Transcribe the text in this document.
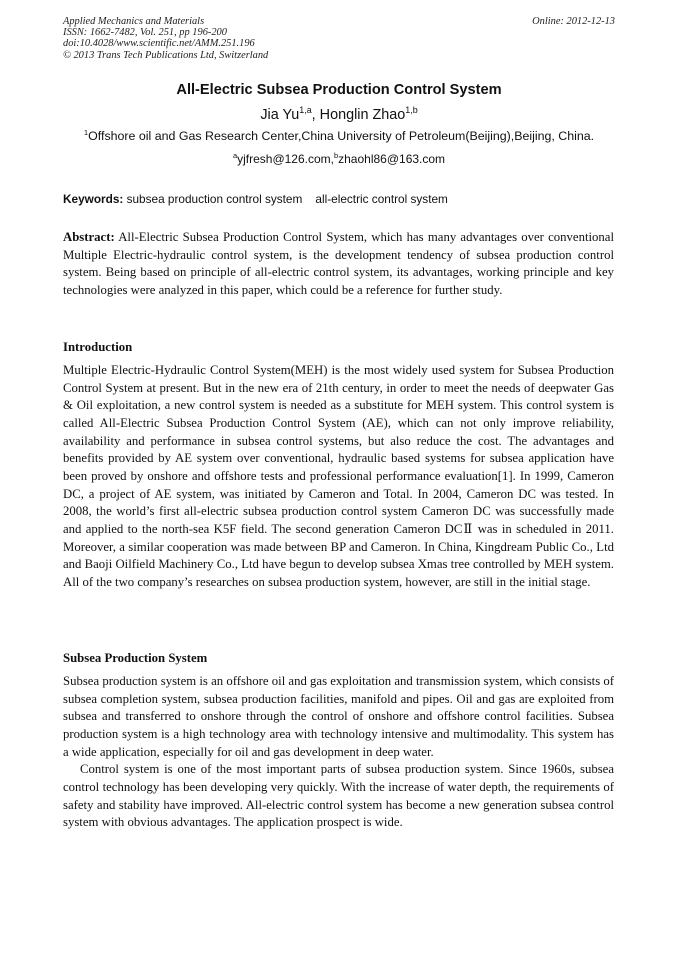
Applied Mechanics and Materials
ISSN: 1662-7482, Vol. 251, pp 196-200
doi:10.4028/www.scientific.net/AMM.251.196
© 2013 Trans Tech Publications Ltd, Switzerland
Online: 2012-12-13
All-Electric Subsea Production Control System
Jia Yu$^{1,a}$, Honglin Zhao$^{1,b}$
$^1$Offshore oil and Gas Research Center,China University of Petroleum(Beijing),Beijing, China.
$^a$yjfresh@126.com,$^b$zhaohl86@163.com
Keywords: subsea production control system    all-electric control system

Abstract: All-Electric Subsea Production Control System, which has many advantages over conventional Multiple Electric-hydraulic control system, is the development tendency of subsea production control system. Being based on principle of all-electric control system, its advantages, working principle and key technologies were analyzed in this paper, which could be a reference for further study.

Introduction

Multiple Electric-Hydraulic Control System(MEH) is the most widely used system for Subsea Production Control System at present. But in the new era of 21th century, in order to meet the needs of deepwater Gas & Oil exploitation, a new control system is needed as a substitute for MEH system. This control system is called All-Electric Subsea Production Control System (AE), which can not only improve reliability, availability and performance in subsea control systems, but also reduce the cost. The advantages and benefits provided by AE system over conventional, hydraulic based systems for subsea application have been proved by onshore and offshore tests and professional performance evaluation[1]. In 1999, Cameron DC, a project of AE system, was initiated by Cameron and Total. In 2004, Cameron DC was tested. In 2008, the world’s first all-electric subsea production control system Cameron DC was successfully made and applied to the north-sea K5F field. The second generation Cameron DCⅡ was in scheduled in 2011. Moreover, a similar cooperation was made between BP and Cameron. In China, Kingdream Public Co., Ltd and Baoji Oilfield Machinery Co., Ltd have begun to develop subsea Xmas tree controlled by MEH system. All of the two company’s researches on subsea production system, however, are still in the initial stage.

Subsea Production System

Subsea production system is an offshore oil and gas exploitation and transmission system, which consists of subsea completion system, subsea production facilities, manifold and pipes. Oil and gas are exploited from subsea and transferred to onshore through the control of onshore and offshore control facilities. Subsea production system is a high technology area with technology intensive and multimodality. This system has a wide application, especially for oil and gas development in deep water.

Control system is one of the most important parts of subsea production system. Since 1960s, subsea control technology has been developing very quickly. With the increase of water depth, the requirements of safety and stability have improved. All-electric control system has become a new generation subsea control system with obvious advantages. The application prospect is wide.
